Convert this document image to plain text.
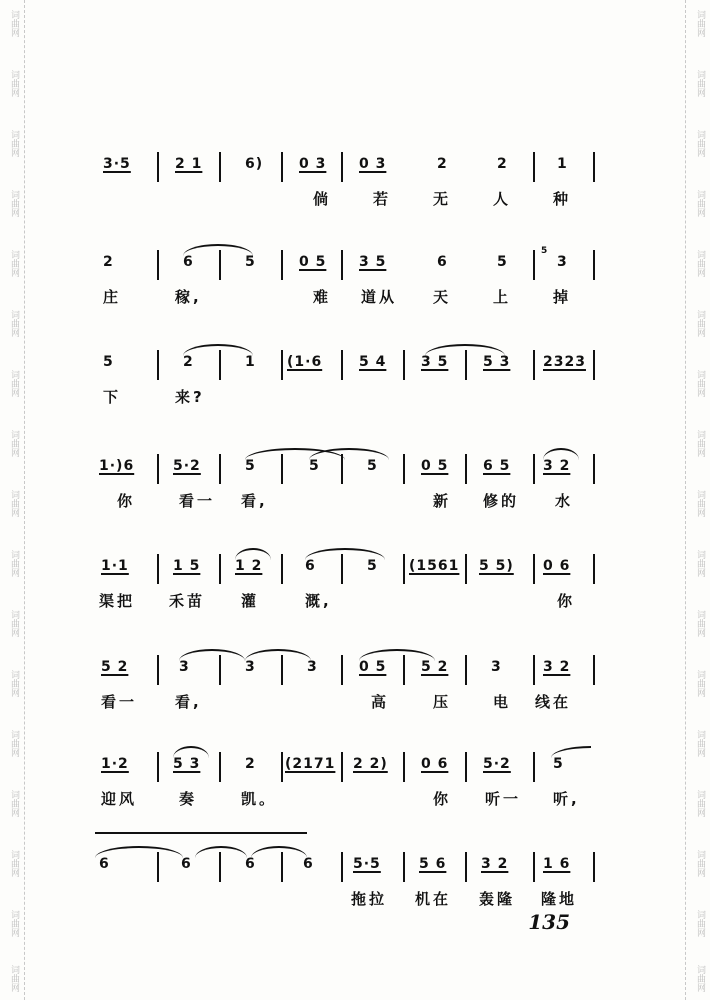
词曲网
词曲网
词曲网
词曲网
词曲网
词曲网
词曲网
词曲网
词曲网
词曲网
词曲网
词曲网
词曲网
词曲网
词曲网
词曲网
词曲网
词曲网
词曲网
词曲网
词曲网
词曲网
词曲网
词曲网
词曲网
词曲网
词曲网
词曲网
词曲网
词曲网
词曲网
词曲网
词曲网
词曲网
3·5	2 1	6)	0 3 0 3	2	2	1
倘	若	无	人	种
2	6	5	0 5 3 5	6	5
5
3
庄	稼,	难 道从 天	上	掉
5	2	1 (1·6	5 4 3 5 5 3 2323
下	来?
1·)6	5·2	5	5	5	0 5 6 5 3 2
你	看一 看,	新 修的 水
1·1	1 5 1 2	6	5 (1561 5 5) 0 6
渠把 禾苗 灌	溉,	你
5 2	3	3	3	0 5 5 2	3	3 2
看一	看,	高	压	电 线在
1·2	5 3	2 (2171 2 2) 0 6 5·2	5
迎风	奏	凯。	你 听一 听,
6	6	6	6	5·5	5 6 3 2 1 6
拖拉 机在 轰隆 隆地
135
